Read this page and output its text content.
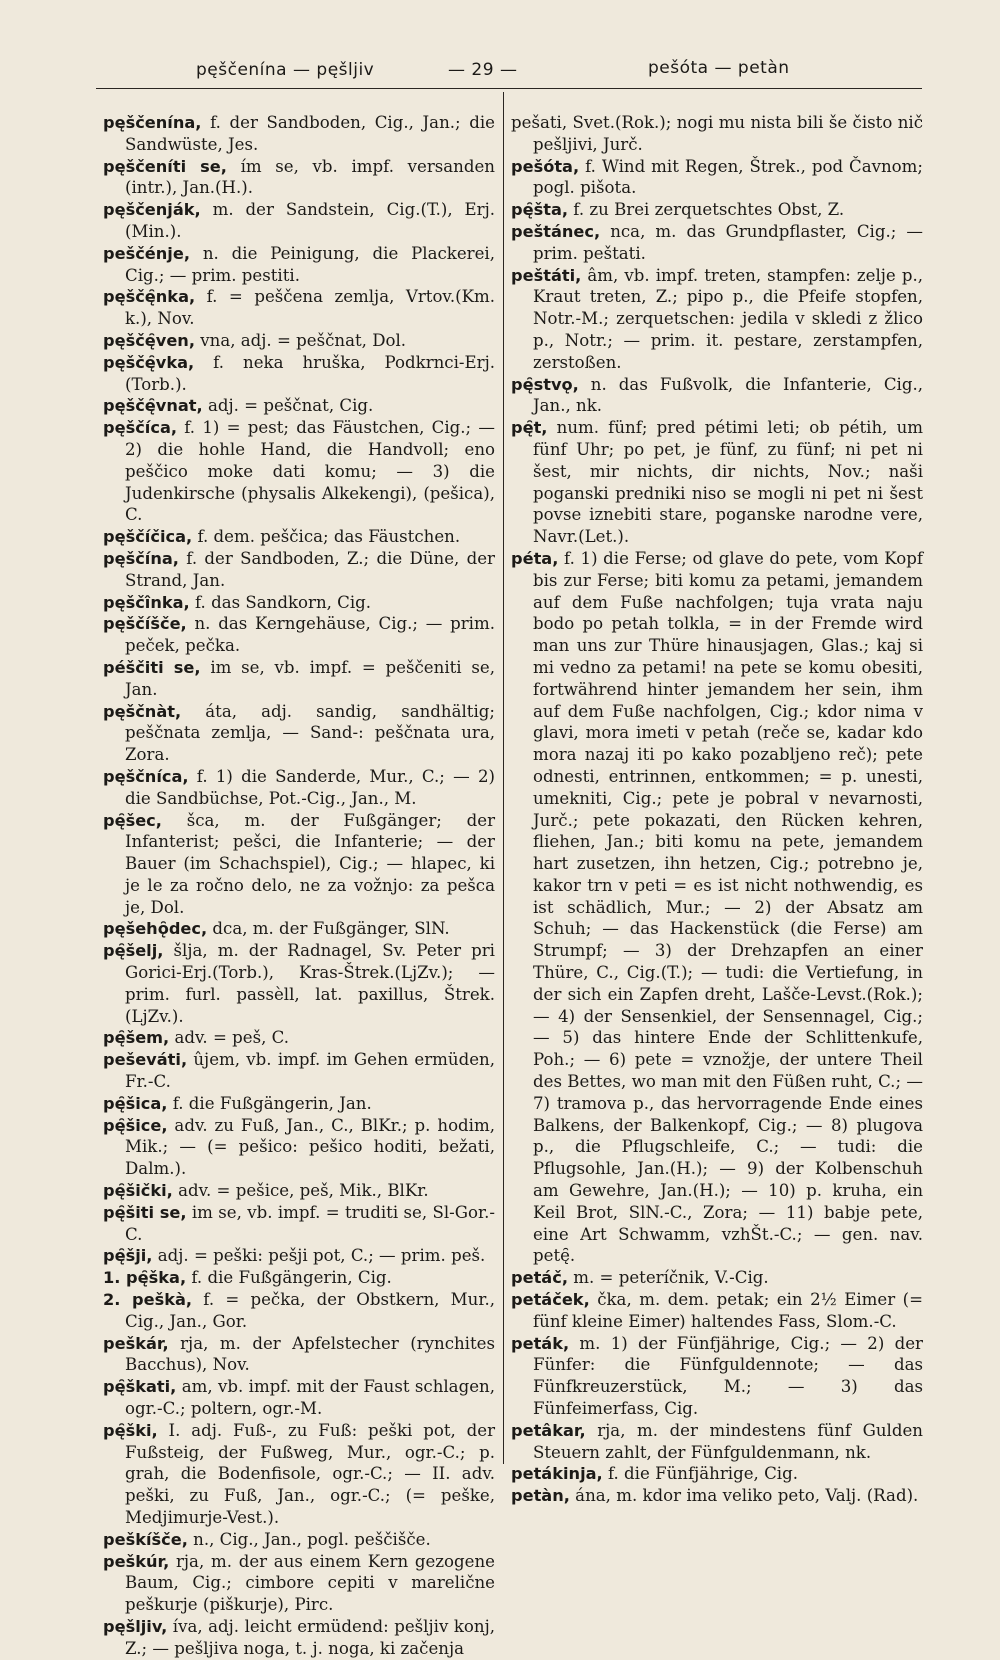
pęščenína — pęšljiv	— 29 —	pešóta — petàn

pęščenína, f. der Sandboden, Cig., Jan.; die Sandwüste, Jes.

pęščeníti se, ím se, vb. impf. versanden (intr.), Jan.(H.).

pęščenják, m. der Sandstein, Cig.(T.), Erj. (Min.).

peščénje, n. die Peinigung, die Plackerei, Cig.; — prim. pestiti.

pęščę̑nka, f. = peščena zemlja, Vrtov.(Km. k.), Nov.

pęščę̑ven, vna, adj. = peščnat, Dol.

pęščę̑vka, f. neka hruška, Podkrnci-Erj.(Torb.).

pęščę̑vnat, adj. = peščnat, Cig.

pęščíca, f. 1) = pest; das Fäustchen, Cig.; — 2) die hohle Hand, die Handvoll; eno peščico moke dati komu; — 3) die Judenkirsche (physalis Alkekengi), (pešica), C.

pęščíčica, f. dem. peščica; das Fäustchen.

pęščína, f. der Sandboden, Z.; die Düne, der Strand, Jan.

pęščînka, f. das Sandkorn, Cig.

pęščíšče, n. das Kerngehäuse, Cig.; — prim. peček, pečka.

péščiti se, im se, vb. impf. = peščeniti se, Jan.

pęščnàt, áta, adj. sandig, sandhältig; peščnata zemlja, — Sand-: peščnata ura, Zora.

pęščníca, f. 1) die Sanderde, Mur., C.; — 2) die Sandbüchse, Pot.-Cig., Jan., M.

pę̑šec, šca, m. der Fußgänger; der Infanterist; pešci, die Infanterie; — der Bauer (im Schachspiel), Cig.; — hlapec, ki je le za ročno delo, ne za vožnjo: za pešca je, Dol.

pęšehǫ̑dec, dca, m. der Fußgänger, SlN.

pę̑šelj, šlja, m. der Radnagel, Sv. Peter pri Gorici-Erj.(Torb.), Kras-Štrek.(LjZv.); — prim. furl. passèll, lat. paxillus, Štrek.(LjZv.).

pę̑šem, adv. = peš, C.

peševáti, ûjem, vb. impf. im Gehen ermüden, Fr.-C.

pę̑šica, f. die Fußgängerin, Jan.

pę̑šice, adv. zu Fuß, Jan., C., BlKr.; p. hodim, Mik.; — (= pešico: pešico hoditi, bežati, Dalm.).

pę̑šički, adv. = pešice, peš, Mik., BlKr.

pę̑šiti se, im se, vb. impf. = truditi se, Sl-Gor.-C.

pę̑šji, adj. = peški: pešji pot, C.; — prim. peš.

1. pę̑ška, f. die Fußgängerin, Cig.

2. peškà, f. = pečka, der Obstkern, Mur., Cig., Jan., Gor.

peškár, rja, m. der Apfelstecher (rynchites Bacchus), Nov.

pę̑škati, am, vb. impf. mit der Faust schlagen, ogr.-C.; poltern, ogr.-M.

pę̑ški, I. adj. Fuß-, zu Fuß: peški pot, der Fußsteig, der Fußweg, Mur., ogr.-C.; p. grah, die Bodenfisole, ogr.-C.; — II. adv. peški, zu Fuß, Jan., ogr.-C.; (= peške, Medjimurje-Vest.).

peškíšče, n., Cig., Jan., pogl. peščišče.

peškúr, rja, m. der aus einem Kern gezogene Baum, Cig.; cimbore cepiti v marelične peškurje (piškurje), Pirc.

pęšljiv, íva, adj. leicht ermüdend: pešljiv konj, Z.; — pešljiva noga, t. j. noga, ki začenja

pešati, Svet.(Rok.); nogi mu nista bili še čisto nič pešljivi, Jurč.

pešóta, f. Wind mit Regen, Štrek., pod Čavnom; pogl. pišota.

pę̑šta, f. zu Brei zerquetschtes Obst, Z.

peštánec, nca, m. das Grundpflaster, Cig.; — prim. peštati.

peštáti, âm, vb. impf. treten, stampfen: zelje p., Kraut treten, Z.; pipo p., die Pfeife stopfen, Notr.-M.; zerquetschen: jedila v skledi z žlico p., Notr.; — prim. it. pestare, zerstampfen, zerstoßen.

pę̑stvǫ, n. das Fußvolk, die Infanterie, Cig., Jan., nk.

pę̑t, num. fünf; pred pétimi leti; ob pétih, um fünf Uhr; po pet, je fünf, zu fünf; ni pet ni šest, mir nichts, dir nichts, Nov.; naši poganski predniki niso se mogli ni pet ni šest povse iznebiti stare, poganske narodne vere, Navr.(Let.).

péta, f. 1) die Ferse; od glave do pete, vom Kopf bis zur Ferse; biti komu za petami, jemandem auf dem Fuße nachfolgen; tuja vrata naju bodo po petah tolkla, = in der Fremde wird man uns zur Thüre hinausjagen, Glas.; kaj si mi vedno za petami! na pete se komu obesiti, fortwährend hinter jemandem her sein, ihm auf dem Fuße nachfolgen, Cig.; kdor nima v glavi, mora imeti v petah (reče se, kadar kdo mora nazaj iti po kako pozabljeno reč); pete odnesti, entrinnen, entkommen; = p. unesti, umekniti, Cig.; pete je pobral v nevarnosti, Jurč.; pete pokazati, den Rücken kehren, fliehen, Jan.; biti komu na pete, jemandem hart zusetzen, ihn hetzen, Cig.; potrebno je, kakor trn v peti = es ist nicht nothwendig, es ist schädlich, Mur.; — 2) der Absatz am Schuh; — das Hackenstück (die Ferse) am Strumpf; — 3) der Drehzapfen an einer Thüre, C., Cig.(T.); — tudi: die Vertiefung, in der sich ein Zapfen dreht, Lašče-Levst.(Rok.); — 4) der Sensenkiel, der Sensennagel, Cig.; — 5) das hintere Ende der Schlittenkufe, Poh.; — 6) pete = vznožje, der untere Theil des Bettes, wo man mit den Füßen ruht, C.; — 7) tramova p., das hervorragende Ende eines Balkens, der Balkenkopf, Cig.; — 8) plugova p., die Pflugschleife, C.; — tudi: die Pflugsohle, Jan.(H.); — 9) der Kolbenschuh am Gewehre, Jan.(H.); — 10) p. kruha, ein Keil Brot, SlN.-C., Zora; — 11) babje pete, eine Art Schwamm, vzhŠt.-C.; — gen. nav. petę̑.

petáč, m. = peteríčnik, V.-Cig.

petáček, čka, m. dem. petak; ein 2½ Eimer (= fünf kleine Eimer) haltendes Fass, Slom.-C.

peták, m. 1) der Fünfjährige, Cig.; — 2) der Fünfer: die Fünfguldennote; — das Fünfkreuzerstück, M.; — 3) das Fünfeimerfass, Cig.

petâkar, rja, m. der mindestens fünf Gulden Steuern zahlt, der Fünfguldenmann, nk.

petákinja, f. die Fünfjährige, Cig.

petàn, ána, m. kdor ima veliko peto, Valj. (Rad).
